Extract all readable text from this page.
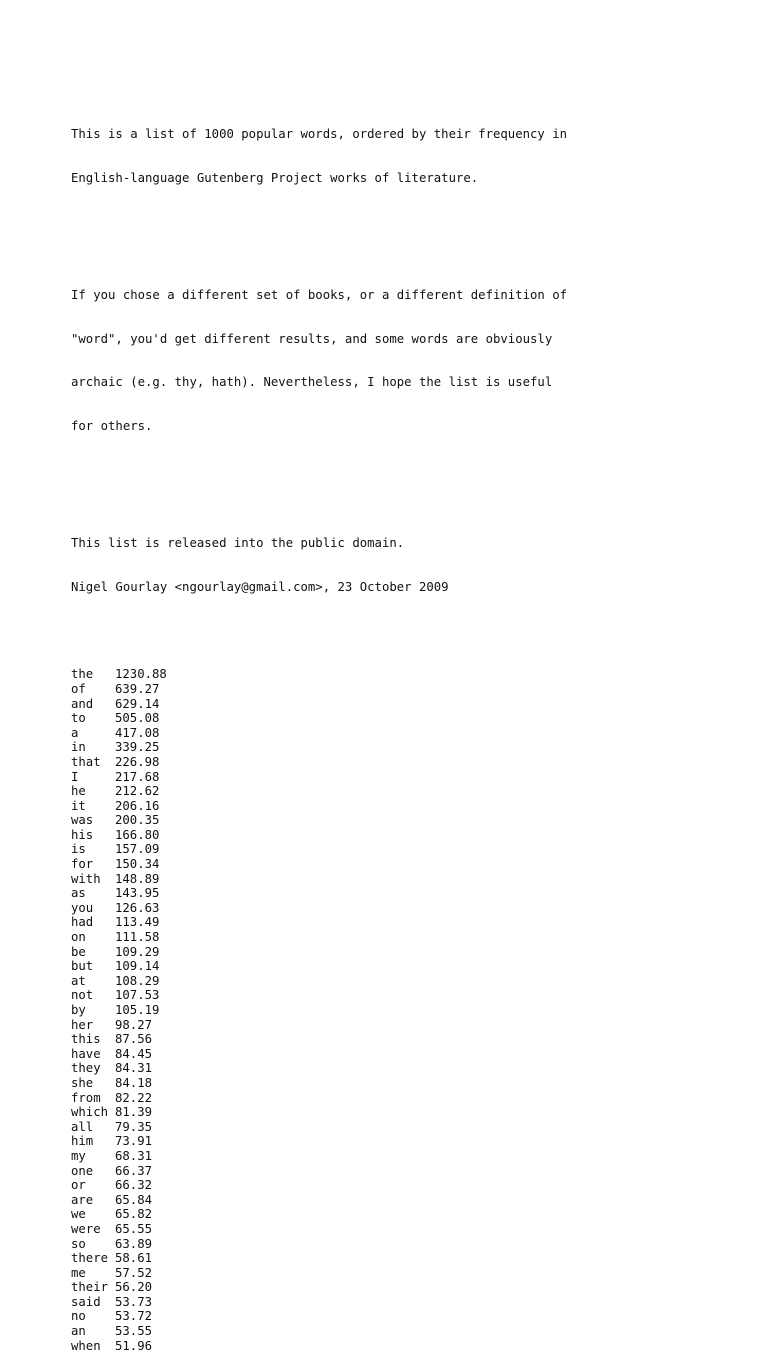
This is a list of 1000 popular words, ordered by their frequency in

English-language Gutenberg Project works of literature.

If you chose a different set of books, or a different definition of

"word", you'd get different results, and some words are obviously

archaic (e.g. thy, hath). Nevertheless, I hope the list is useful

for others.

This list is released into the public domain.

Nigel Gourlay <ngourlay@gmail.com>, 23 October 2009

the	1230.88
of	639.27
and	629.14
to	505.08
a	417.08
in	339.25
that	226.98
I	217.68
he	212.62
it	206.16
was	200.35
his	166.80
is	157.09
for	150.34
with	148.89
as	143.95
you	126.63
had	113.49
on	111.58
be	109.29
but	109.14
at	108.29
not	107.53
by	105.19
her	98.27
this	87.56
have	84.45
they	84.31
she	84.18
from	82.22
which 81.39
all	79.35
him	73.91
my	68.31
one	66.37
or	66.32
are	65.84
we	65.82
were	65.55
so	63.89
there 58.61
me	57.52
their 56.20
said	53.73
no	53.72
an	53.55
when	51.96
